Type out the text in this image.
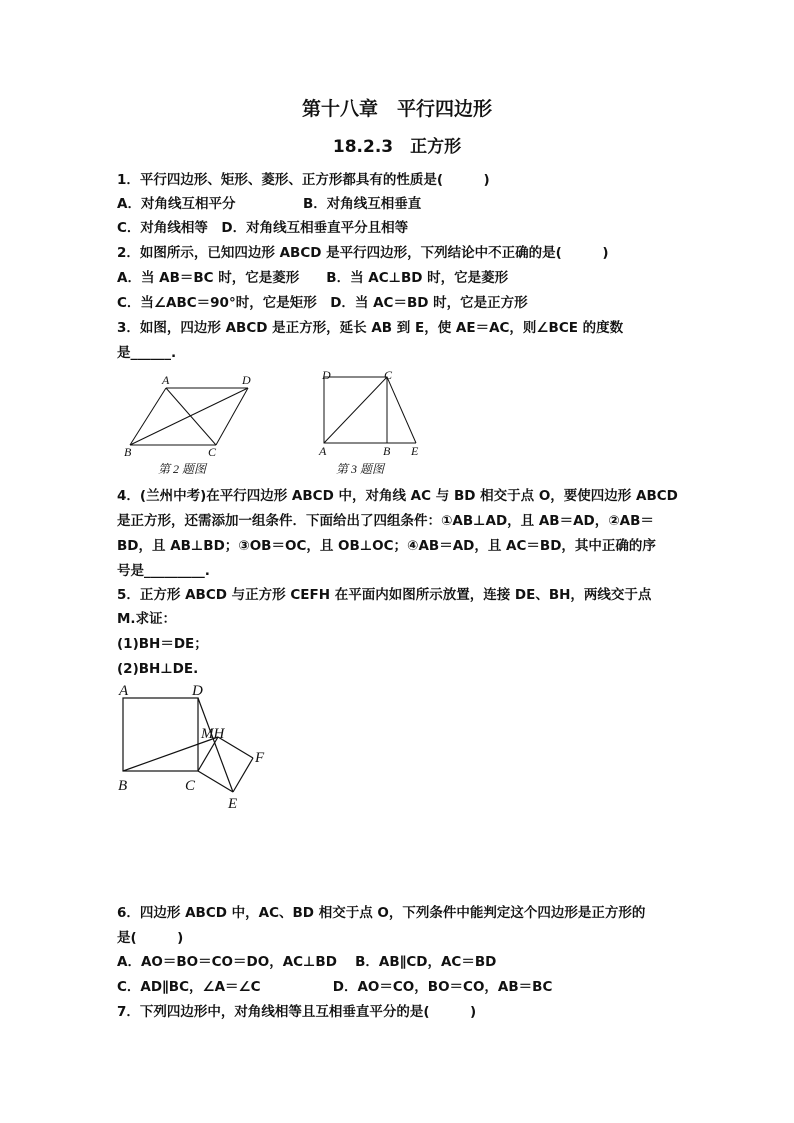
第十八章　平行四边形
18.2.3　正方形
1．平行四边形、矩形、菱形、正方形都具有的性质是(　　　)
A．对角线互相平分　　　　　B．对角线互相垂直
C．对角线相等　D．对角线互相垂直平分且相等
2．如图所示，已知四边形 ABCD 是平行四边形，下列结论中不正确的是(　　　)
A．当 AB＝BC 时，它是菱形　　B．当 AC⊥BD 时，它是菱形
C．当∠ABC＝90°时，它是矩形　D．当 AC＝BD 时，它是正方形
3．如图，四边形 ABCD 是正方形，延长 AB 到 E，使 AE＝AC，则∠BCE 的度数
是______.
A	D
B	C
第 2 题图
D	C
A	B E
第 3 题图
4．(兰州中考)在平行四边形 ABCD 中，对角线 AC 与 BD 相交于点 O，要使四边形 ABCD
是正方形，还需添加一组条件．下面给出了四组条件：①AB⊥AD，且 AB＝AD，②AB＝
BD，且 AB⊥BD；③OB＝OC，且 OB⊥OC；④AB＝AD，且 AC＝BD，其中正确的序
号是_________.
5．正方形 ABCD 与正方形 CEFH 在平面内如图所示放置，连接 DE、BH，两线交于点
M.求证：
(1)BH＝DE；
(2)BH⊥DE.
A	D
MH
F
B	C
E
6．四边形 ABCD 中，AC、BD 相交于点 O，下列条件中能判定这个四边形是正方形的
是(　　　)
A．AO＝BO＝CO＝DO，AC⊥BD　 B．AB∥CD，AC＝BD
C．AD∥BC，∠A＝∠C　　　　　 D．AO＝CO，BO＝CO，AB＝BC
7．下列四边形中，对角线相等且互相垂直平分的是(　　　)
